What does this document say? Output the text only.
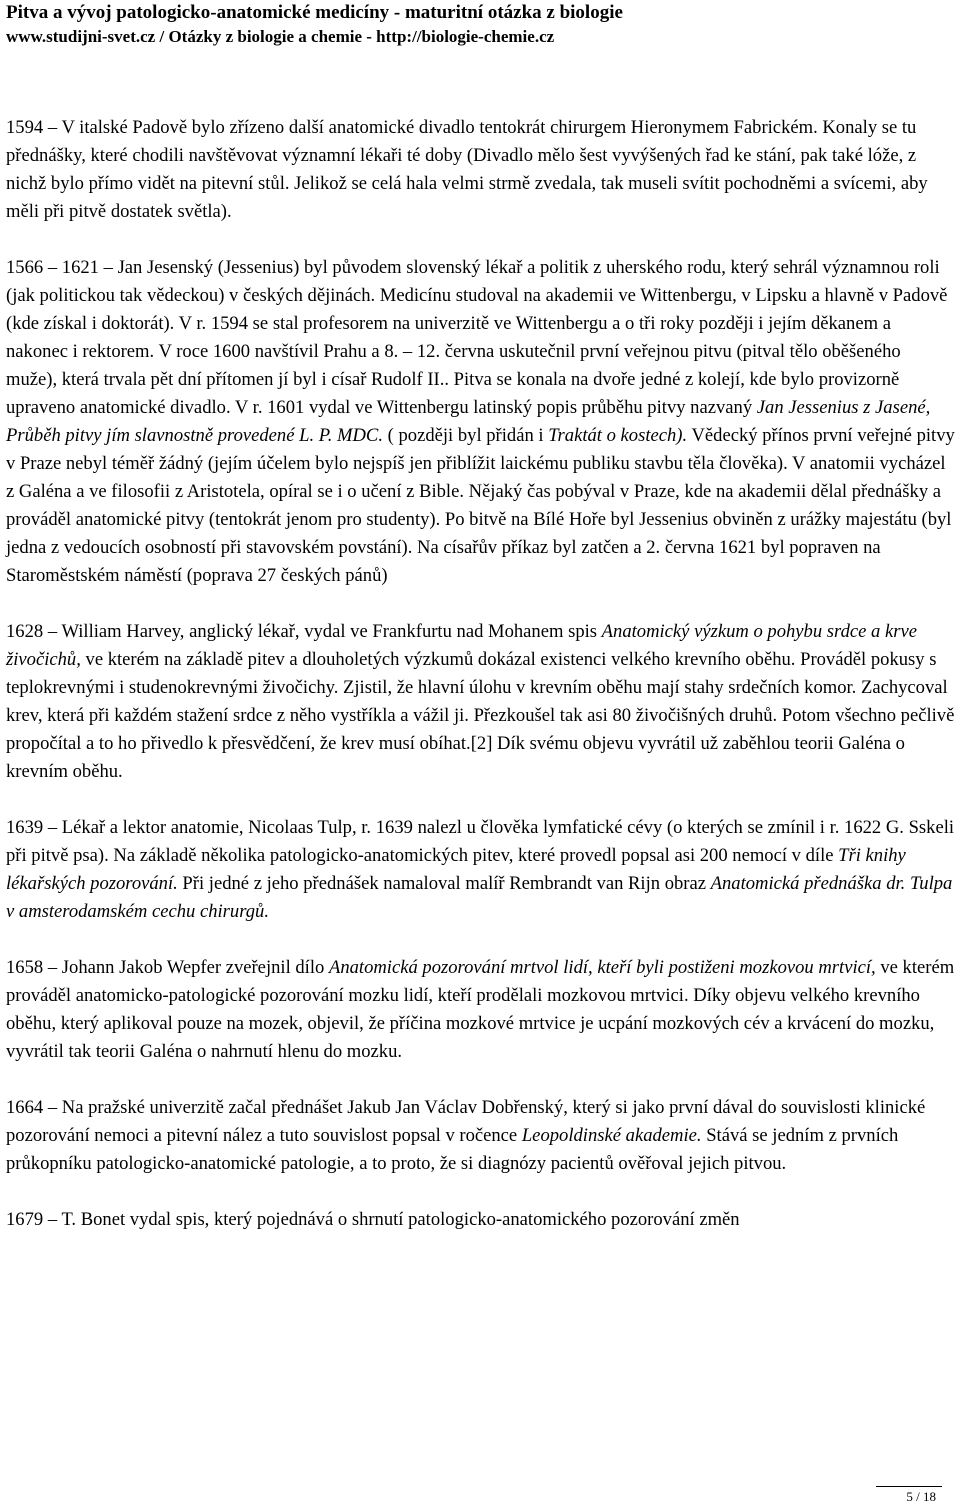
Pitva a vývoj patologicko-anatomické medicíny - maturitní otázka z biologie
www.studijni-svet.cz / Otázky z biologie a chemie - http://biologie-chemie.cz

1594 – V italské Padově bylo zřízeno další anatomické divadlo tentokrát chirurgem Hieronymem Fabrickém. Konaly se tu přednášky, které chodili navštěvovat významní lékaři té doby (Divadlo mělo šest vyvýšených řad ke stání, pak také lóže, z nichž bylo přímo vidět na pitevní stůl. Jelikož se celá hala velmi strmě zvedala, tak museli svítit pochodněmi a svícemi, aby měli při pitvě dostatek světla).

1566 – 1621 – Jan Jesenský (Jessenius) byl původem slovenský lékař a politik z uherského rodu, který sehrál významnou roli (jak politickou tak vědeckou) v českých dějinách. Medicínu studoval na akademii ve Wittenbergu, v Lipsku a hlavně v Padově (kde získal i doktorát). V r. 1594 se stal profesorem na univerzitě ve Wittenbergu a o tři roky později i jejím děkanem a nakonec i rektorem. V roce 1600 navštívil Prahu a 8. – 12. června uskutečnil první veřejnou pitvu (pitval tělo oběšeného muže), která trvala pět dní přítomen jí byl i císař Rudolf II.. Pitva se konala na dvoře jedné z kolejí, kde bylo provizorně upraveno anatomické divadlo. V r. 1601 vydal ve Wittenbergu latinský popis průběhu pitvy nazvaný Jan Jessenius z Jasené, Průběh pitvy jím slavnostně provedené L. P. MDC. ( později byl přidán i Traktát o kostech). Vědecký přínos první veřejné pitvy v Praze nebyl téměř žádný (jejím účelem bylo nejspíš jen přiblížit laickému publiku stavbu těla člověka). V anatomii vycházel z Galéna a ve filosofii z Aristotela, opíral se i o učení z Bible. Nějaký čas pobýval v Praze, kde na akademii dělal přednášky a prováděl anatomické pitvy (tentokrát jenom pro studenty). Po bitvě na Bílé Hoře byl Jessenius obviněn z urážky majestátu (byl jedna z vedoucích osobností při stavovském povstání). Na císařův příkaz byl zatčen a 2. června 1621 byl popraven na Staroměstském náměstí (poprava 27 českých pánů)

1628 – William Harvey, anglický lékař, vydal ve Frankfurtu nad Mohanem spis Anatomický výzkum o pohybu srdce a krve živočichů, ve kterém na základě pitev a dlouholetých výzkumů dokázal existenci velkého krevního oběhu. Prováděl pokusy s teplokrevnými i studenokrevnými živočichy. Zjistil, že hlavní úlohu v krevním oběhu mají stahy srdečních komor. Zachycoval krev, která při každém stažení srdce z něho vystříkla a vážil ji. Přezkoušel tak asi 80 živočišných druhů. Potom všechno pečlivě propočítal a to ho přivedlo k přesvědčení, že krev musí obíhat.[2] Dík svému objevu vyvrátil už zaběhlou teorii Galéna o krevním oběhu.

1639 – Lékař a lektor anatomie, Nicolaas Tulp, r. 1639 nalezl u člověka lymfatické cévy (o kterých se zmínil i r. 1622 G. Sskeli při pitvě psa). Na základě několika patologicko-anatomických pitev, které provedl popsal asi 200 nemocí v díle Tři knihy lékařských pozorování. Při jedné z jeho přednášek namaloval malíř Rembrandt van Rijn obraz Anatomická přednáška dr. Tulpa v amsterodamském cechu chirurgů.

1658 – Johann Jakob Wepfer zveřejnil dílo Anatomická pozorování mrtvol lidí, kteří byli postiženi mozkovou mrtvicí, ve kterém prováděl anatomicko-patologické pozorování mozku lidí, kteří prodělali mozkovou mrtvici. Díky objevu velkého krevního oběhu, který aplikoval pouze na mozek, objevil, že příčina mozkové mrtvice je ucpání mozkových cév a krvácení do mozku, vyvrátil tak teorii Galéna o nahrnutí hlenu do mozku.

1664 – Na pražské univerzitě začal přednášet Jakub Jan Václav Dobřenský, který si jako první dával do souvislosti klinické pozorování nemoci a pitevní nález a tuto souvislost popsal v ročence Leopoldinské akademie. Stává se jedním z prvních průkopníku patologicko-anatomické patologie, a to proto, že si diagnózy pacientů ověřoval jejich pitvou.

1679 – T. Bonet vydal spis, který pojednává o shrnutí patologicko-anatomického pozorování změn

5 / 18
